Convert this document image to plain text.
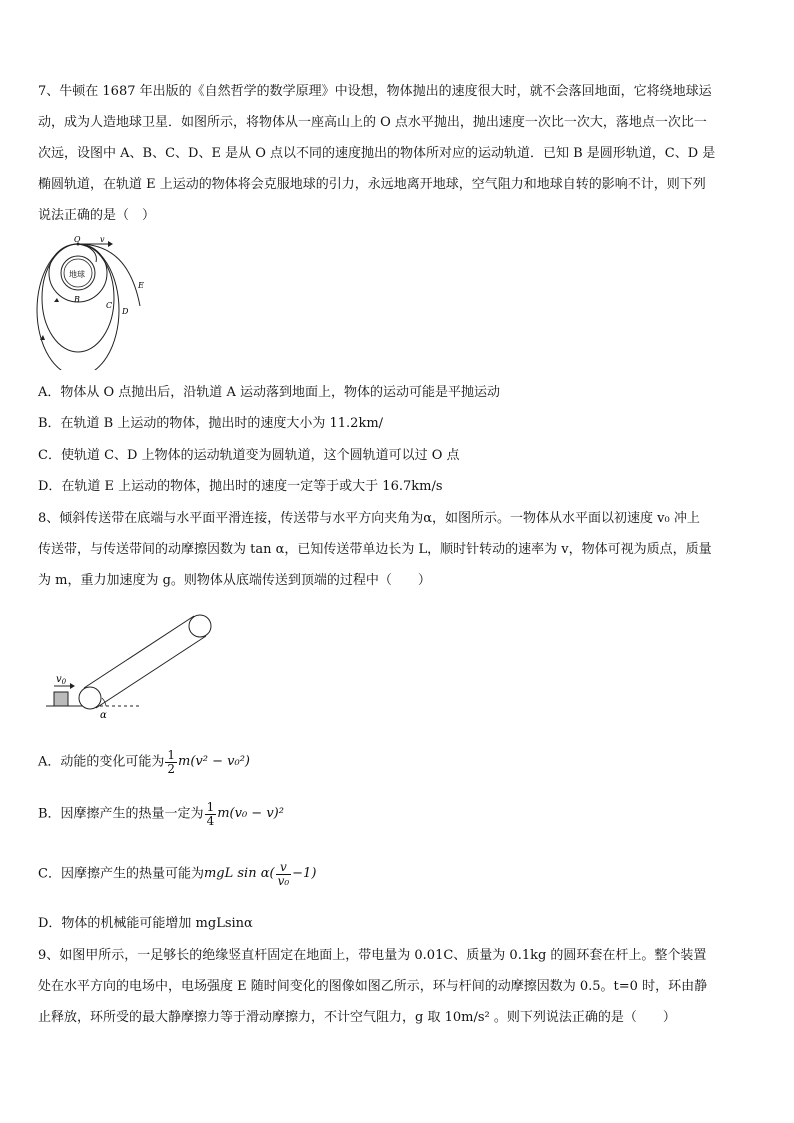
7、牛顿在 1687 年出版的《自然哲学的数学原理》中设想，物体抛出的速度很大时，就不会落回地面，它将绕地球运
动，成为人造地球卫星．如图所示，将物体从一座高山上的 O 点水平抛出，抛出速度一次比一次大，落地点一次比一
次远，设图中 A、B、C、D、E 是从 O 点以不同的速度抛出的物体所对应的运动轨道．已知 B 是圆形轨道，C、D 是
椭圆轨道，在轨道 E 上运动的物体将会克服地球的引力，永远地离开地球，空气阻力和地球自转的影响不计，则下列
说法正确的是（　）
地球
O v
B
C
D
E
A．物体从 O 点抛出后，沿轨道 A 运动落到地面上，物体的运动可能是平抛运动
B．在轨道 B 上运动的物体，抛出时的速度大小为 11.2km/
C．使轨道 C、D 上物体的运动轨道变为圆轨道，这个圆轨道可以过 O 点
D．在轨道 E 上运动的物体，抛出时的速度一定等于或大于 16.7km/s
8、倾斜传送带在底端与水平面平滑连接，传送带与水平方向夹角为α，如图所示。一物体从水平面以初速度 v₀ 冲上
传送带，与传送带间的动摩擦因数为 tan α，已知传送带单边长为 L，顺时针转动的速率为 v，物体可视为质点，质量
为 m，重力加速度为 g。则物体从底端传送到顶端的过程中（　　）
$v_0$
α
A．动能的变化可能为 $\frac{1}{2} m(v^2 - v_0^2)$
B．因摩擦产生的热量一定为 $\frac{1}{4} m(v_0 - v)^2$
C．因摩擦产生的热量可能为mgL $\sin \alpha( \frac{v}{\text{v₀}} -1)$
D．物体的机械能可能增加 mgLsinα
9、如图甲所示，一足够长的绝缘竖直杆固定在地面上，带电量为 0.01C、质量为 0.1kg 的圆环套在杆上。整个装置
处在水平方向的电场中，电场强度 E 随时间变化的图像如图乙所示，环与杆间的动摩擦因数为 0.5。t=0 时，环由静
止释放，环所受的最大静摩擦力等于滑动摩擦力，不计空气阻力，g 取 10m/s² 。则下列说法正确的是（　　）
